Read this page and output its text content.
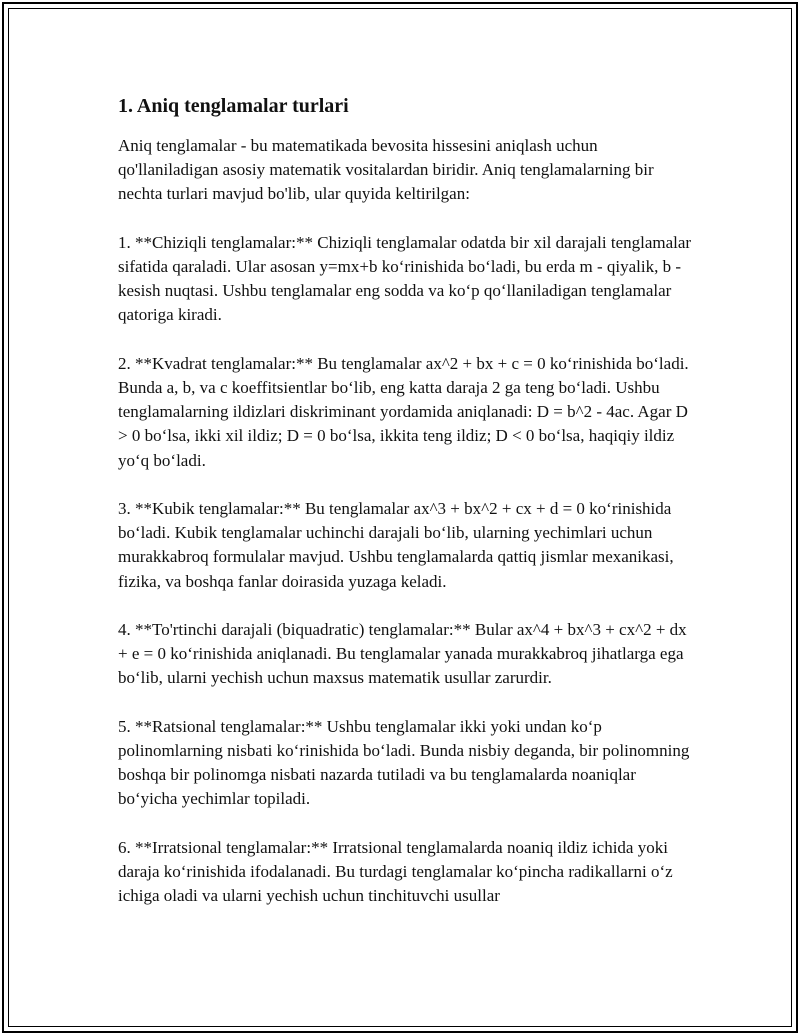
1. Aniq tenglamalar turlari

Aniq tenglamalar - bu matematikada bevosita hissesini aniqlash uchun qo'llaniladigan asosiy matematik vositalardan biridir. Aniq tenglamalarning bir nechta turlari mavjud bo'lib, ular quyida keltirilgan:

1. **Chiziqli tenglamalar:** Chiziqli tenglamalar odatda bir xil darajali tenglamalar sifatida qaraladi. Ular asosan y=mx+b ko‘rinishida bo‘ladi, bu erda m - qiyalik, b - kesish nuqtasi. Ushbu tenglamalar eng sodda va ko‘p qo‘llaniladigan tenglamalar qatoriga kiradi.

2. **Kvadrat tenglamalar:** Bu tenglamalar ax^2 + bx + c = 0 ko‘rinishida bo‘ladi. Bunda a, b, va c koeffitsientlar bo‘lib, eng katta daraja 2 ga teng bo‘ladi. Ushbu tenglamalarning ildizlari diskriminant yordamida aniqlanadi: D = b^2 - 4ac. Agar D > 0 bo‘lsa, ikki xil ildiz; D = 0 bo‘lsa, ikkita teng ildiz; D < 0 bo‘lsa, haqiqiy ildiz yo‘q bo‘ladi.

3. **Kubik tenglamalar:** Bu tenglamalar ax^3 + bx^2 + cx + d = 0 ko‘rinishida bo‘ladi. Kubik tenglamalar uchinchi darajali bo‘lib, ularning yechimlari uchun murakkabroq formulalar mavjud. Ushbu tenglamalarda qattiq jismlar mexanikasi, fizika, va boshqa fanlar doirasida yuzaga keladi.

4. **To'rtinchi darajali (biquadratic) tenglamalar:** Bular ax^4 + bx^3 + cx^2 + dx + e = 0 ko‘rinishida aniqlanadi. Bu tenglamalar yanada murakkabroq jihatlarga ega bo‘lib, ularni yechish uchun maxsus matematik usullar zarurdir.

5. **Ratsional tenglamalar:** Ushbu tenglamalar ikki yoki undan ko‘p polinomlarning nisbati ko‘rinishida bo‘ladi. Bunda nisbiy deganda, bir polinomning boshqa bir polinomga nisbati nazarda tutiladi va bu tenglamalarda noaniqlar bo‘yicha yechimlar topiladi.

6. **Irratsional tenglamalar:** Irratsional tenglamalarda noaniq ildiz ichida yoki daraja ko‘rinishida ifodalanadi. Bu turdagi tenglamalar ko‘pincha radikallarni o‘z ichiga oladi va ularni yechish uchun tinchituvchi usullar
